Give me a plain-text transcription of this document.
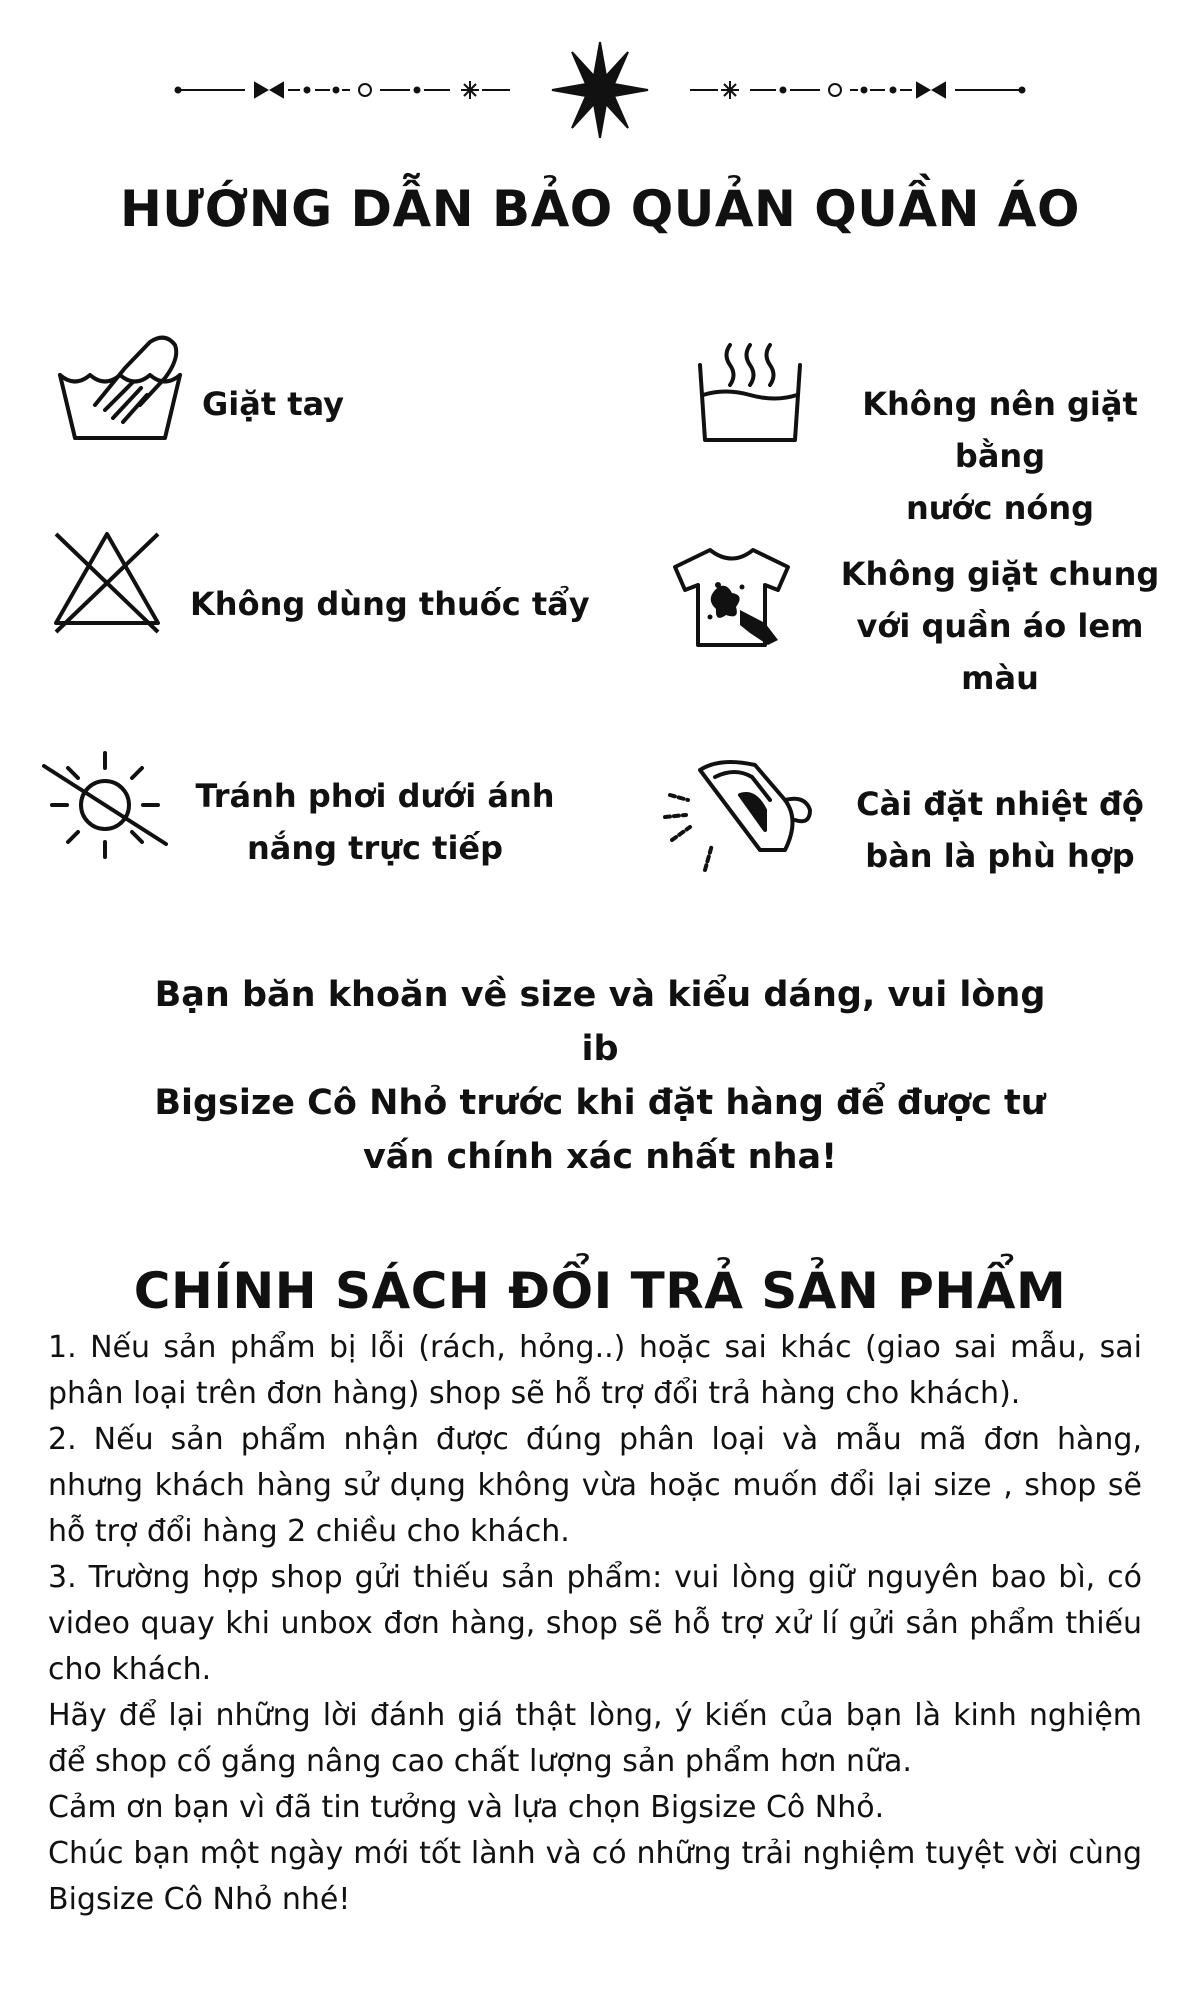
HƯỚNG DẪN BẢO QUẢN QUẦN ÁO
Giặt tay	Không nên giặt bằng
nước nóng
Không dùng thuốc tẩy
Không giặt chung
với quần áo lem màu
Tránh phơi dưới ánh
nắng trực tiếp
Cài đặt nhiệt độ
bàn là phù hợp
Bạn băn khoăn về size và kiểu dáng, vui lòng ib
Bigsize Cô Nhỏ trước khi đặt hàng để được tư
vấn chính xác nhất nha!
CHÍNH SÁCH ĐỔI TRẢ SẢN PHẨM

1. Nếu sản phẩm bị lỗi (rách, hỏng..) hoặc sai khác (giao sai mẫu, sai phân loại trên đơn hàng) shop sẽ hỗ trợ đổi trả hàng cho khách).

2. Nếu sản phẩm nhận được đúng phân loại và mẫu mã đơn hàng, nhưng khách hàng sử dụng không vừa hoặc muốn đổi lại size , shop sẽ hỗ trợ đổi hàng 2 chiều cho khách.

3. Trường hợp shop gửi thiếu sản phẩm: vui lòng giữ nguyên bao bì, có video quay khi unbox đơn hàng, shop sẽ hỗ trợ xử lí gửi sản phẩm thiếu cho khách.

Hãy để lại những lời đánh giá thật lòng, ý kiến của bạn là kinh nghiệm để shop cố gắng nâng cao chất lượng sản phẩm hơn nữa.

Cảm ơn bạn vì đã tin tưởng và lựa chọn Bigsize Cô Nhỏ.

Chúc bạn một ngày mới tốt lành và có những trải nghiệm tuyệt vời cùng Bigsize Cô Nhỏ nhé!
